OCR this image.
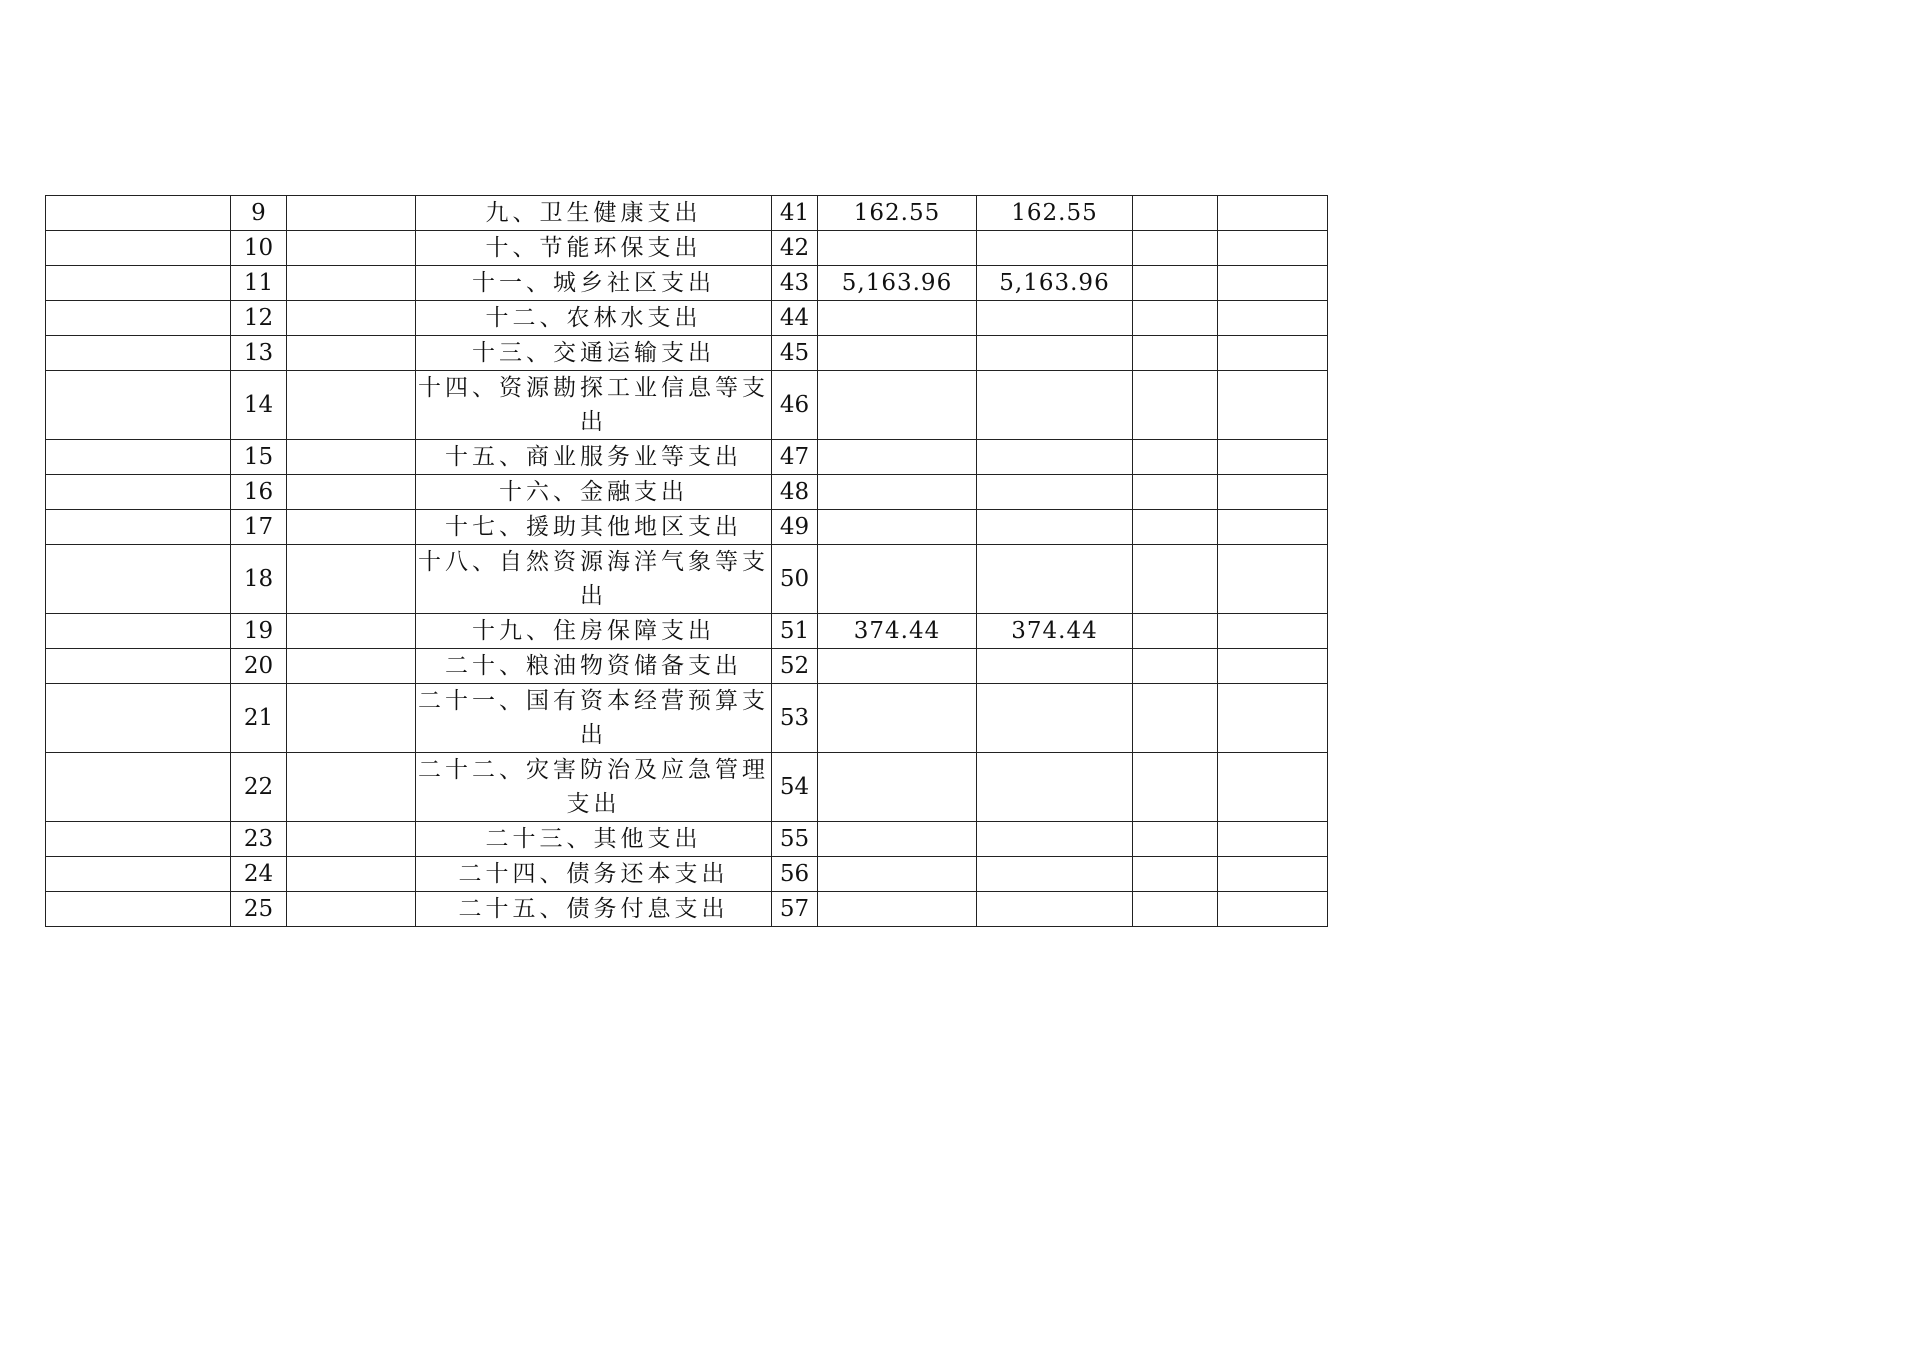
	9		九、卫生健康支出	41	162.55	162.55		
	10		十、节能环保支出	42				
	11		十一、城乡社区支出	43	5,163.96	5,163.96		
	12		十二、农林水支出	44				
	13		十三、交通运输支出	45				
	14		十四、资源勘探工业信息等支出	46				
	15		十五、商业服务业等支出	47				
	16		十六、金融支出	48				
	17		十七、援助其他地区支出	49				
	18		十八、自然资源海洋气象等支出	50				
	19		十九、住房保障支出	51	374.44	374.44		
	20		二十、粮油物资储备支出	52				
	21		二十一、国有资本经营预算支出	53				
	22		二十二、灾害防治及应急管理支出	54				
	23		二十三、其他支出	55				
	24		二十四、债务还本支出	56				
	25		二十五、债务付息支出	57				
